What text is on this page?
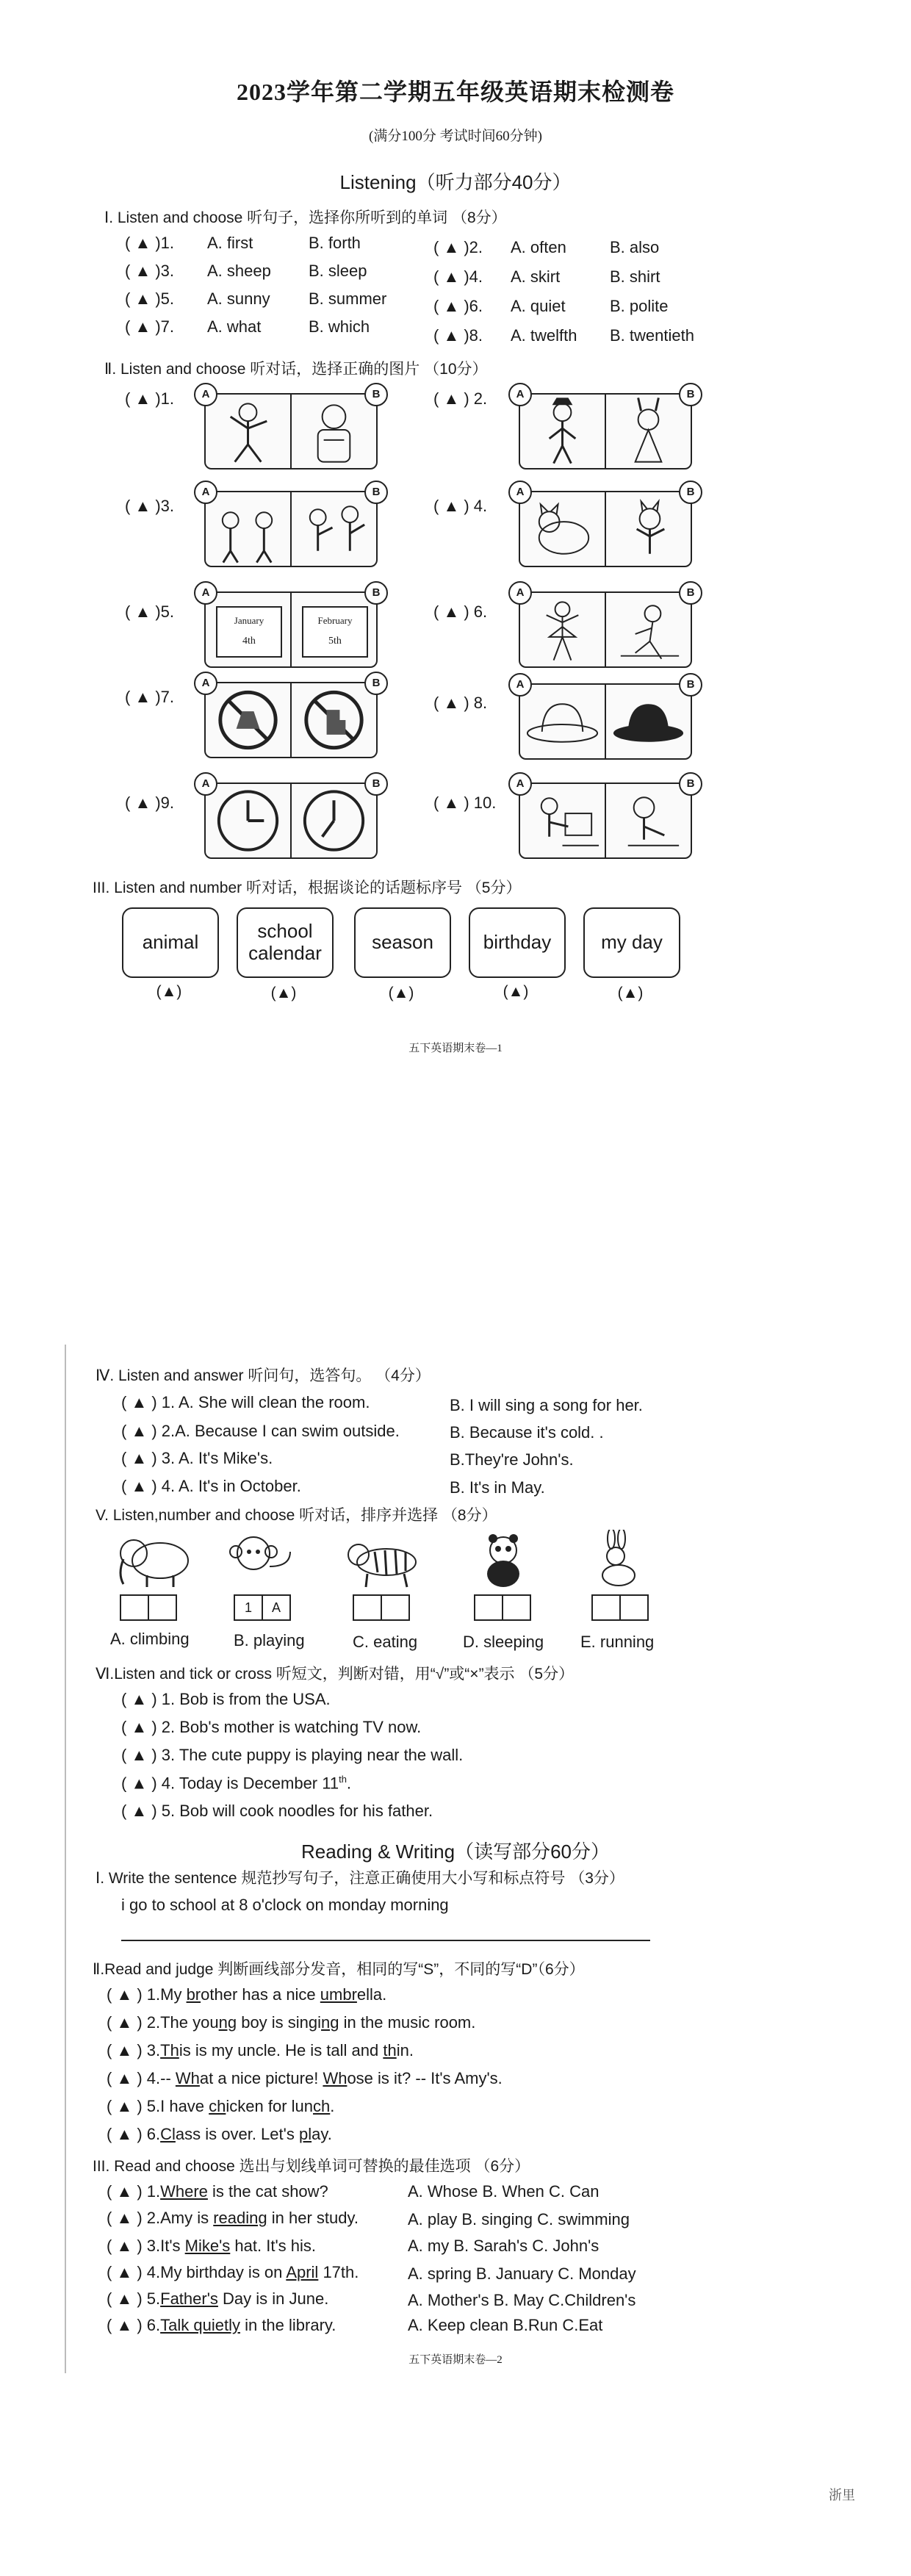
2023学年第二学期五年级英语期末检测卷
(满分100分 考试时间60分钟)
Listening（听力部分40分）
Ⅰ. Listen and choose 听句子，选择你所听到的单词 （8分）
( ▲ )1. A. first	B. forth
( ▲ )3. A. sheep B. sleep
( ▲ )5. A. sunny B. summer
( ▲ )7. A. what	B. which
( ▲ )2. A. often	B. also
( ▲ )4. A. skirt	B. shirt
( ▲ )6. A. quiet	B. polite
( ▲ )8. A. twelfth B. twentieth
Ⅱ. Listen and choose 听对话，选择正确的图片 （10分）
( ▲ )1.	A	B	( ▲ ) 2.	A	B
( ▲ )3.
A	B
( ▲ ) 4.
A	B
( ▲ )5.	January
4th
A
February
5th
B
( ▲ ) 6.
A	B
( ▲ )7.
A	B
( ▲ ) 8.
A	B
( ▲ )9.
A	B
( ▲ ) 10.
A	B
III. Listen and number 听对话，根据谈论的话题标序号 （5分）
animal	school calendar	season	birthday	my day
(▲)	(▲)	(▲)	(▲)	(▲)
五下英语期末卷—1
Ⅳ. Listen and answer 听问句，选答句。 （4分）
( ▲ ) 1. A. She will clean the room.	B. I will sing a song for her.
( ▲ ) 2.A. Because I can swim outside.	B. Because it's cold. .
( ▲ ) 3. A. It's Mike's.	B.They're John's.
( ▲ ) 4. A. It's in October.	B. It's in May.
V. Listen,number and choose 听对话，排序并选择 （8分）
1	A
A. climbing	B. playing	C. eating	D. sleeping E. running
Ⅵ.Listen and tick or cross 听短文，判断对错，用“√”或“×”表示 （5分）
( ▲ ) 1. Bob is from the USA.
( ▲ ) 2. Bob's mother is watching TV now.
( ▲ ) 3. The cute puppy is playing near the wall.
( ▲ ) 4. Today is December 11th.
( ▲ ) 5. Bob will cook noodles for his father.
Reading & Writing（读写部分60分）
Ⅰ. Write the sentence 规范抄写句子，注意正确使用大小写和标点符号 （3分）
i go to school at 8 o'clock on monday morning
Ⅱ.Read and judge 判断画线部分发音，相同的写“S”，不同的写“D”（6分）
( ▲ ) 1.My brother has a nice umbrella.
( ▲ ) 2.The young boy is singing in the music room.
( ▲ ) 3.This is my uncle. He is tall and thin.
( ▲ ) 4.-- What a nice picture! Whose is it? -- It's Amy's.
( ▲ ) 5.I have chicken for lunch.
( ▲ ) 6.Class is over. Let's play.
III. Read and choose 选出与划线单词可替换的最佳选项 （6分）
( ▲ ) 1.Where is the cat show?	A. Whose B. When C. Can
( ▲ ) 2.Amy is reading in her study.	A. play B. singing C. swimming
( ▲ ) 3.It's Mike's hat. It's his.	A. my B. Sarah's C. John's
( ▲ ) 4.My birthday is on April 17th.	A. spring B. January C. Monday
( ▲ ) 5.Father's Day is in June.	A. Mother's B. May C.Children's
( ▲ ) 6.Talk quietly in the library.	A. Keep clean B.Run C.Eat
五下英语期末卷—2
浙里
